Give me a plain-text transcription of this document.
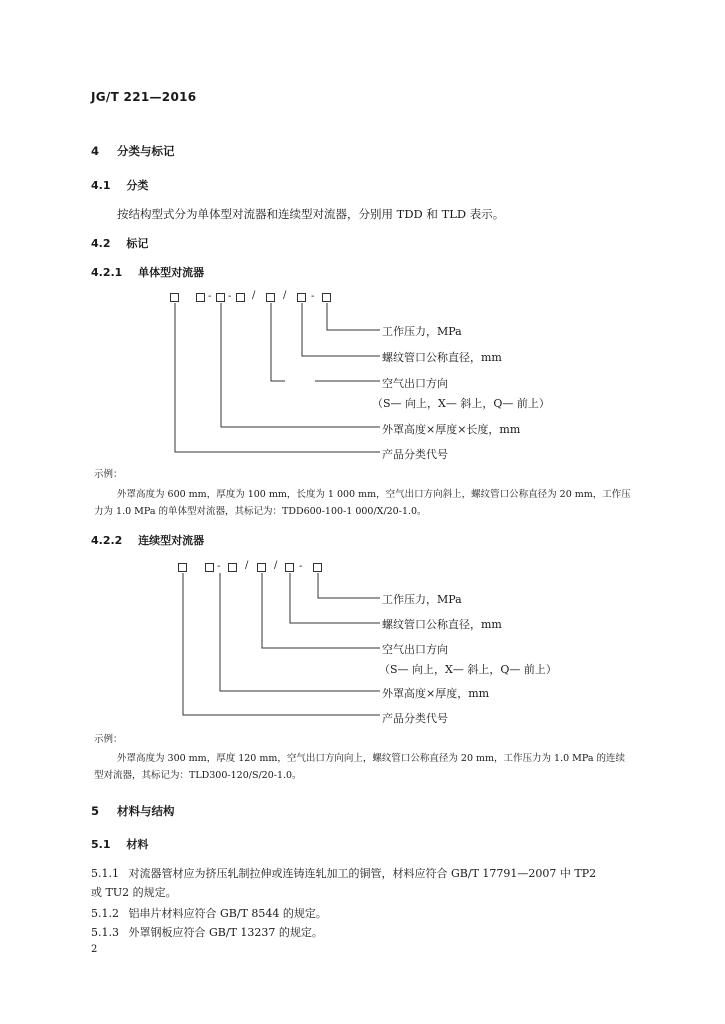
JG/T 221—2016
4 分类与标记
4.1 分类
按结构型式分为单体型对流器和连续型对流器，分别用 TDD 和 TLD 表示。
4.2 标记
4.2.1 单体型对流器
- - /	/ -
工作压力，MPa
螺纹管口公称直径，mm
空气出口方向
（S— 向上，X— 斜上，Q— 前上）
外罩高度×厚度×长度，mm
产品分类代号
示例：
外罩高度为 600 mm，厚度为 100 mm，长度为 1 000 mm，空气出口方向斜上，螺纹管口公称直径为 20 mm，工作压
力为 1.0 MPa 的单体型对流器，其标记为：TDD600-100-1 000/X/20-1.0。
4.2.2 连续型对流器
- /	/ -
工作压力，MPa
螺纹管口公称直径，mm
空气出口方向
（S— 向上，X— 斜上，Q— 前上）
外罩高度×厚度，mm
产品分类代号
示例：
外罩高度为 300 mm，厚度 120 mm，空气出口方向向上，螺纹管口公称直径为 20 mm，工作压力为 1.0 MPa 的连续
型对流器，其标记为：TLD300-120/S/20-1.0。
5 材料与结构
5.1 材料
5.1.1 对流器管材应为挤压轧制拉伸或连铸连轧加工的铜管，材料应符合 GB/T 17791—2007 中 TP2
或 TU2 的规定。
5.1.2 铝串片材料应符合 GB/T 8544 的规定。
5.1.3 外罩钢板应符合 GB/T 13237 的规定。
2
